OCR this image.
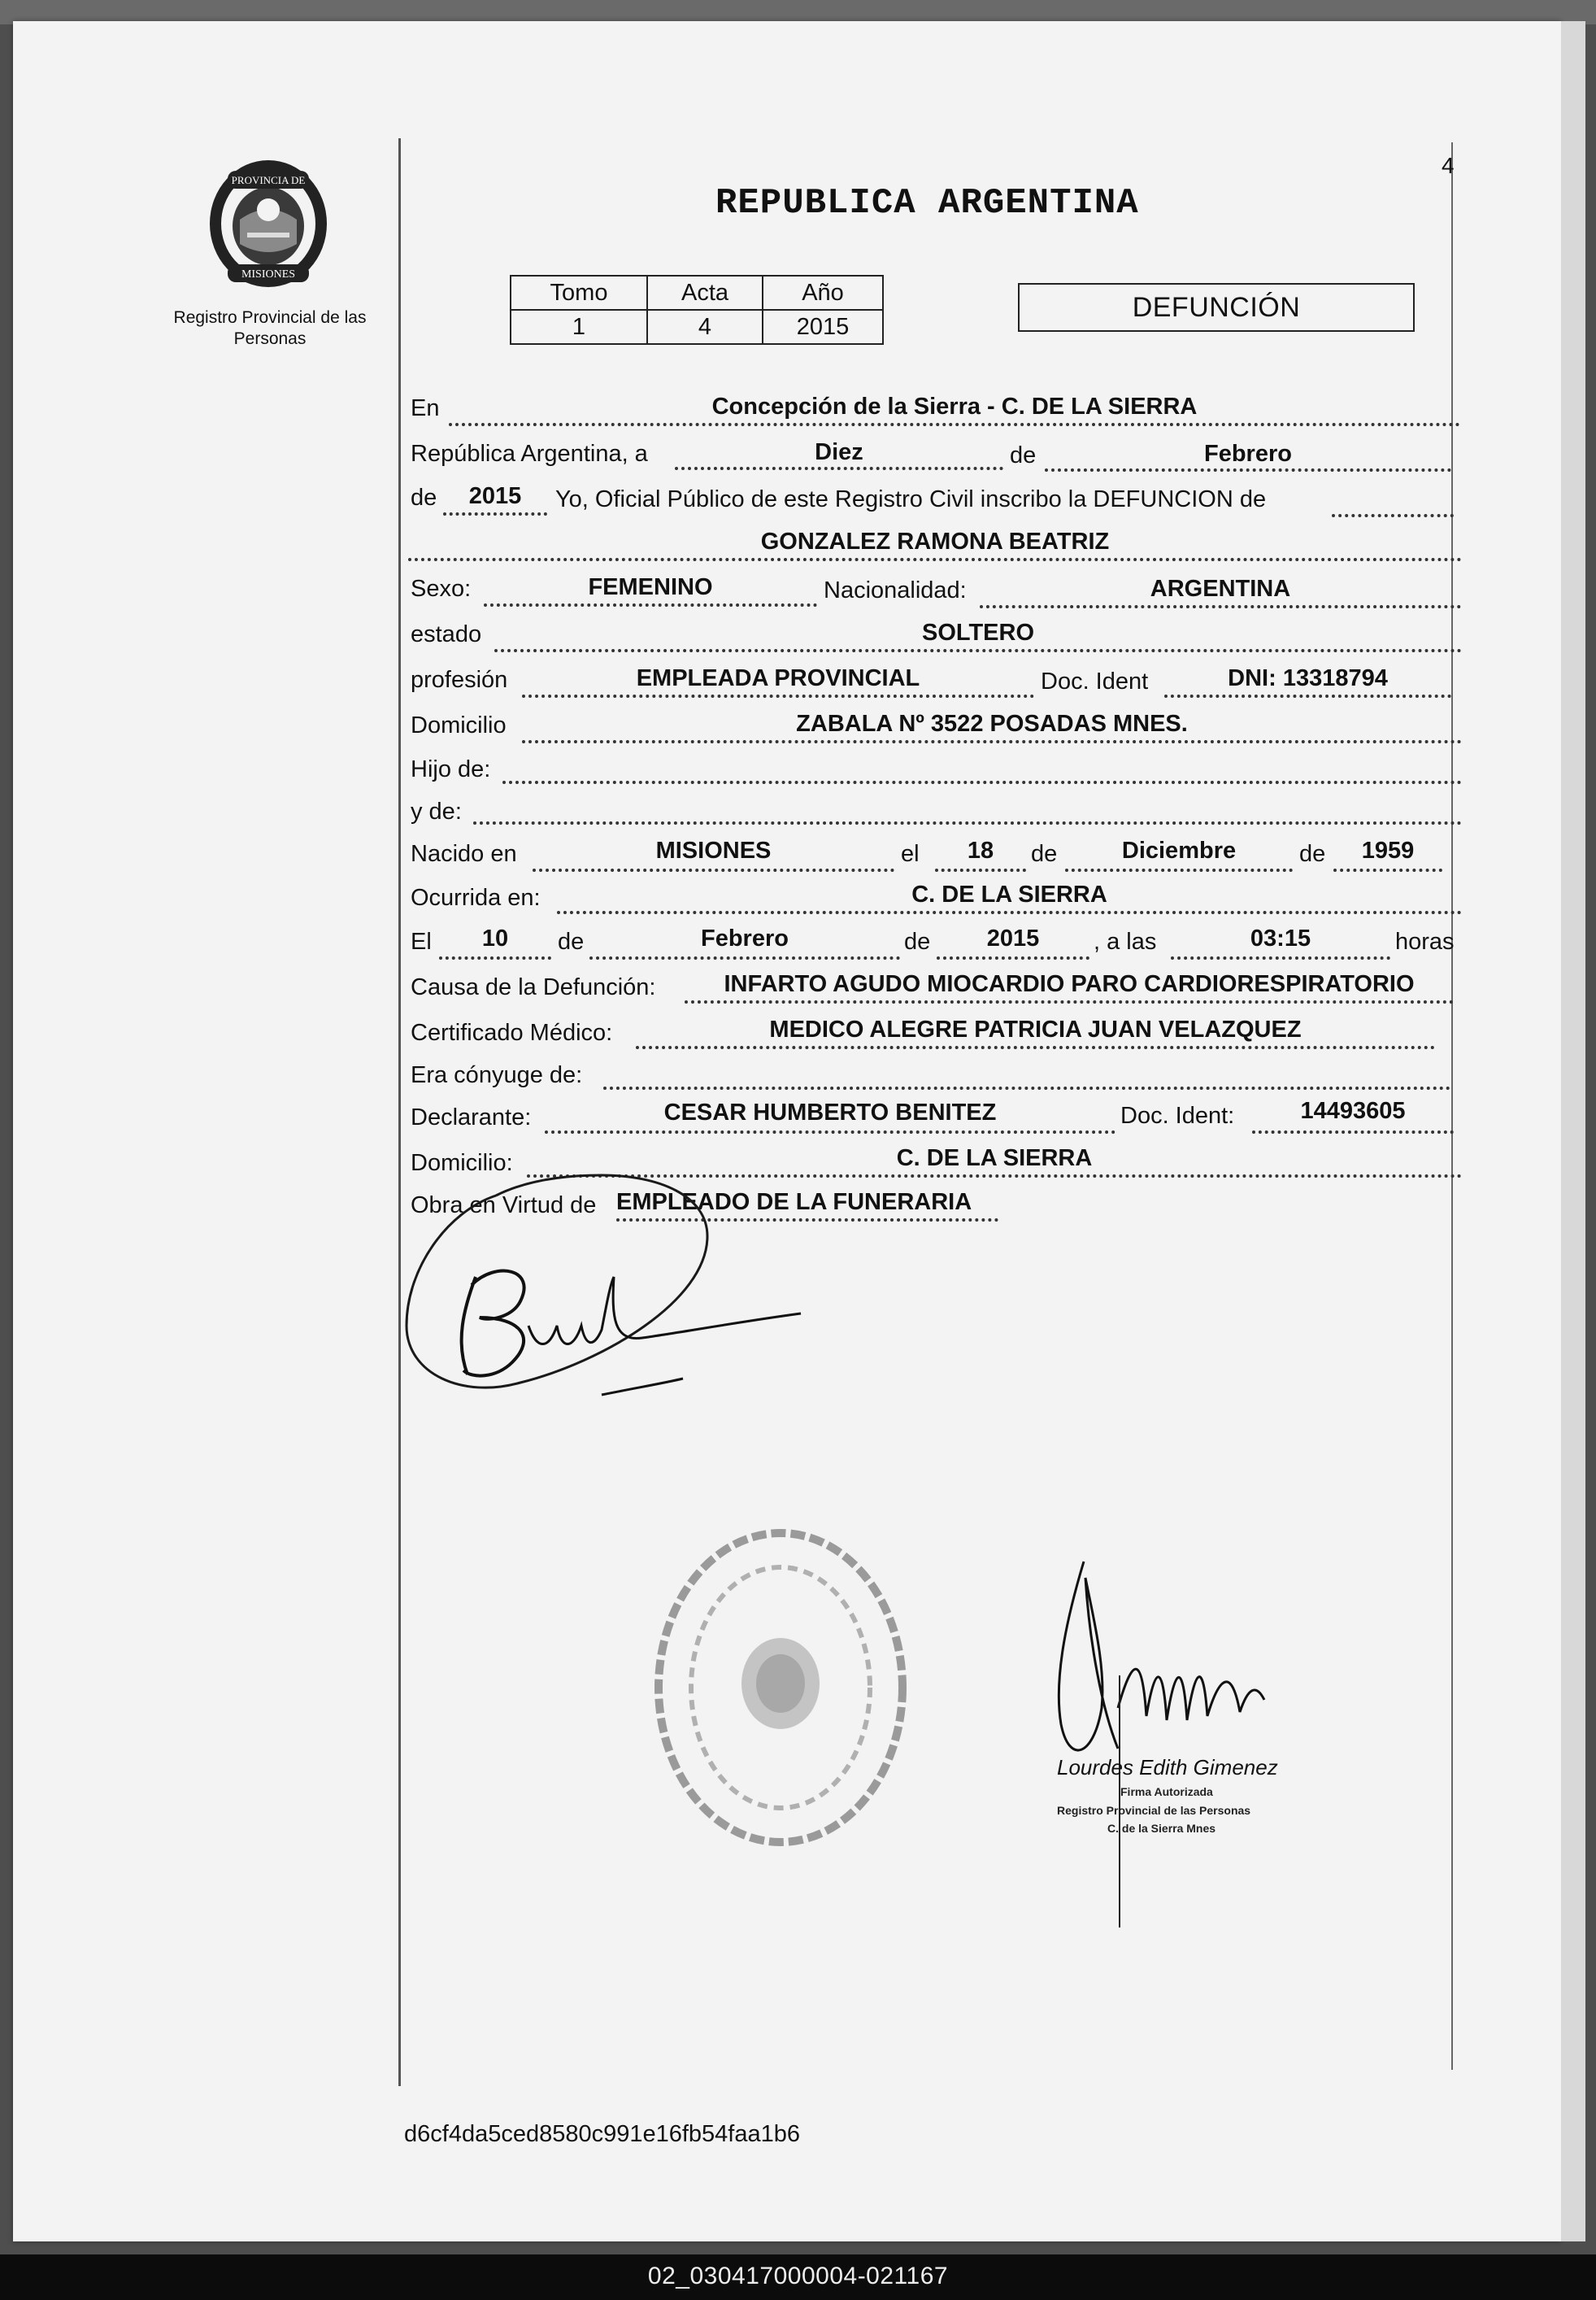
4
PROVINCIA DE
MISIONES
Registro Provincial de las Personas
REPUBLICA ARGENTINA
Tomo	Acta	Año
1	4	2015
DEFUNCIÓN
En	Concepción de la Sierra - C. DE LA SIERRA
República Argentina, a	Diez	de	Febrero
de	2015	Yo, Oficial Público de este Registro Civil inscribo la DEFUNCION de
GONZALEZ RAMONA BEATRIZ
Sexo:	FEMENINO	Nacionalidad:	ARGENTINA
estado	SOLTERO
profesión	EMPLEADA PROVINCIAL	Doc. Ident	DNI: 13318794
Domicilio	ZABALA Nº 3522 POSADAS MNES.
Hijo de:
y de:
Nacido en	MISIONES	el	18	de	Diciembre	de	1959
Ocurrida en:	C. DE LA SIERRA
El	10	de	Febrero	de	2015	, a las	03:15	horas
Causa de la Defunción:	INFARTO AGUDO MIOCARDIO PARO CARDIORESPIRATORIO
Certificado Médico:	MEDICO ALEGRE PATRICIA JUAN VELAZQUEZ
Era cónyuge de:
Declarante:	CESAR HUMBERTO BENITEZ	Doc. Ident:	14493605
Domicilio:	C. DE LA SIERRA
Obra en Virtud de EMPLEADO DE LA FUNERARIA
Lourdes Edith Gimenez
Firma Autorizada
Registro Provincial de las Personas
C. de la Sierra Mnes
d6cf4da5ced8580c991e16fb54faa1b6
02_030417000004-021167
